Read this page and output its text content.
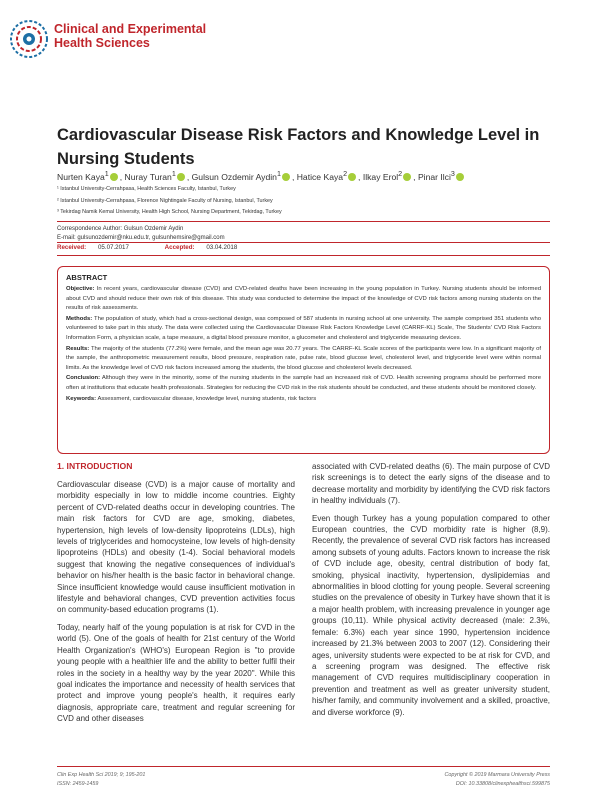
Clinical and Experimental
Health Sciences
Cardiovascular Disease Risk Factors and Knowledge Level in Nursing Students
Nurten Kaya$^1$ , Nuray Turan$^1$ , Gulsun Ozdemir Aydin$^1$ , Hatice Kaya$^2$ , Ilkay Erol$^2$ , Pinar Ilci$^3$
¹ Istanbul University-Cerrahpasa, Health Sciences Faculty, Istanbul, Turkey
² Istanbul University-Cerrahpasa, Florence Nightingale Faculty of Nursing, Istanbul, Turkey
³ Tekirdag Namik Kemal University, Health High School, Nursing Department, Tekirdag, Turkey
Correspondence Author: Gulsun Ozdemir Aydin
E-mail: gulsunozdemir@nku.edu.tr, gulsunhemsire@gmail.com
Received: 05.07.2017	Accepted: 03.04.2018
ABSTRACT

Objective: In recent years, cardiovascular disease (CVD) and CVD-related deaths have been increasing in the young population in Turkey. Nursing students should be informed about CVD and should reduce their own risk of this disease. This study was conducted to determine the impact of the knowledge of CVD risk factors among nursing students on the results of risk assessments.

Methods: The population of study, which had a cross-sectional design, was composed of 587 students in nursing school at one university. The sample comprised 351 students who volunteered to take part in this study. The data were collected using the Cardiovascular Disease Risk Factors Knowledge Level (CARRF-KL) Scale, The Students' CVD Risk Factors Information Form, a physician scale, a tape measure, a digital blood pressure monitor, a glucometer and cholesterol and triglyceride measuring devices.

Results: The majority of the students (77.2%) were female, and the mean age was 20.77 years. The CARRF-KL Scale scores of the participants were low. In a significant majority of the sample, the anthropometric measurement results, blood pressure, respiration rate, pulse rate, blood glucose level, cholesterol level, and triglyceride level were within normal limits. As the knowledge level of CVD risk factors increased among the students, the blood glucose and cholesterol levels decreased.

Conclusion: Although they were in the minority, some of the nursing students in the sample had an increased risk of CVD. Health screening programs should be performed more often at institutions that educate health professionals. Strategies for reducing the CVD risk in the risk students should be conducted, and these students should be monitored closely.

Keywords: Assessment, cardiovascular disease, knowledge level, nursing students, risk factors

1. INTRODUCTION

Cardiovascular disease (CVD) is a major cause of mortality and morbidity especially in low to middle income countries. Eighty percent of CVD-related deaths occur in developing countries. The main risk factors for CVD are age, smoking, diabetes, hypertension, high levels of low-density lipoproteins (LDLs), high levels of triglycerides and homocysteine, low levels of high-density lipoproteins (HDLs) and obesity (1-4). Social behavioral models suggest that knowing the negative consequences of individual's behavior on his/her health is the basic factor in behavioral change. Since insufficient knowledge would cause insufficient motivation in lifestyle and behavioral changes, CVD prevention activities focus on community-based education programs (1).

Today, nearly half of the young population is at risk for CVD in the world (5). One of the goals of health for 21st century of the World Health Organization's (WHO's) European Region is "to provide young people with a healthier life and the ability to better fulfil their roles in the society in a healthy way by the year 2020". While this goal indicates the importance and necessity of health services that protect and improve young people's health, it requires early diagnosis, appropriate care, treatment and regular screening for CVD and other diseases

associated with CVD-related deaths (6). The main purpose of CVD risk screenings is to detect the early signs of the disease and to decrease mortality and morbidity by identifying the CVD risk factors in healthy individuals (7).

Even though Turkey has a young population compared to other European countries, the CVD morbidity rate is higher (8,9). Recently, the prevalence of several CVD risk factors has increased among subsets of young adults. Factors known to increase the risk of CVD include age, obesity, central distribution of body fat, smoking, physical inactivity, hypertension, dyslipidemias and abnormalities in blood clotting for young people. Several screening studies on the prevalence of obesity in Turkey have shown that it is a major health problem, with increasing prevalence in younger age groups (10,11). While physical activity decreased (male: 2.3%, female: 6.3%) each year since 1990, hypertension incidence increased by 21.3% between 2003 to 2007 (12). Considering their ages, university students were expected to be at risk for CVD, and a screening program was designed. The effective risk management of CVD requires multidisciplinary cooperation in prevention and treatment as well as greater university student, his/her family, and community involvement and a skilled, proactive, and diverse workforce (9).

Clin Exp Health Sci 2019; 9; 195-201
ISSN: 2459-1459
Copyright © 2019 Marmara University Press
DOI: 10.33808/clinexphealthsci.599875
